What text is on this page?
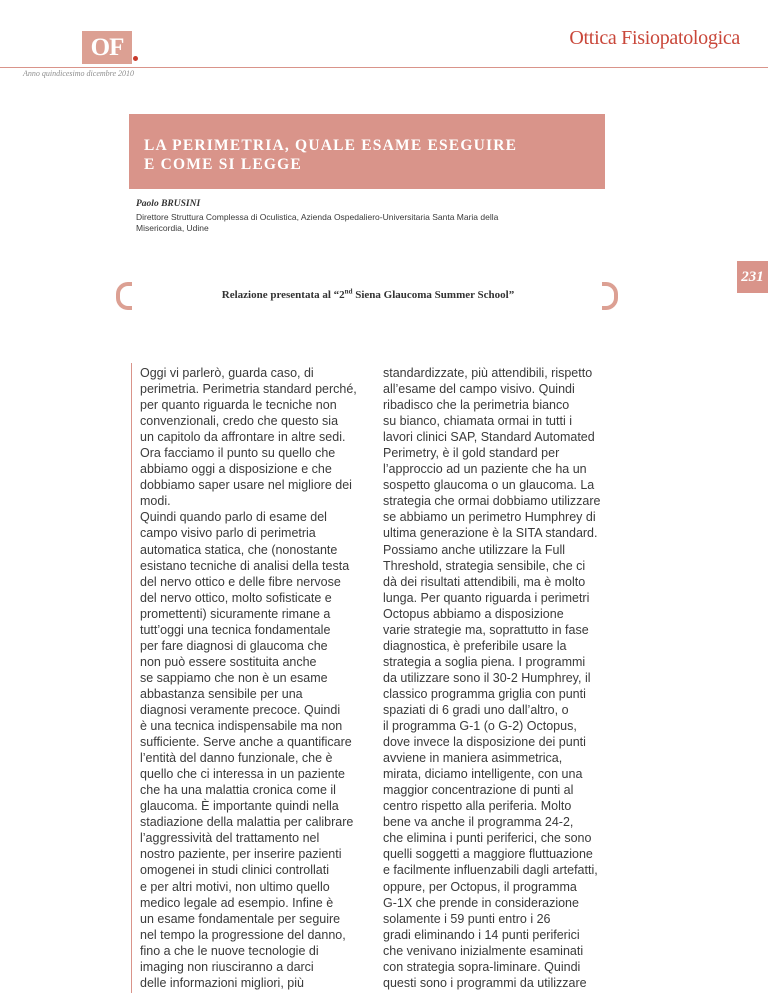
OF
Anno quindicesimo dicembre 2010
Ottica Fisiopatologica
LA PERIMETRIA, QUALE ESAME ESEGUIRE
E COME SI LEGGE
Paolo BRUSINI
Direttore Struttura Complessa di Oculistica, Azienda Ospedaliero-Universitaria Santa Maria della
Misericordia, Udine
231
Relazione presentata al “2nd Siena Glaucoma Summer School”
Oggi vi parlerò, guarda caso, di
perimetria. Perimetria standard perché,
per quanto riguarda le tecniche non
convenzionali, credo che questo sia
un capitolo da affrontare in altre sedi.
Ora facciamo il punto su quello che
abbiamo oggi a disposizione e che
dobbiamo saper usare nel migliore dei
modi.
Quindi quando parlo di esame del
campo visivo parlo di perimetria
automatica statica, che (nonostante
esistano tecniche di analisi della testa
del nervo ottico e delle fibre nervose
del nervo ottico, molto sofisticate e
promettenti) sicuramente rimane a
tutt’oggi una tecnica fondamentale
per fare diagnosi di glaucoma che
non può essere sostituita anche
se sappiamo che non è un esame
abbastanza sensibile per una
diagnosi veramente precoce. Quindi
è una tecnica indispensabile ma non
sufficiente. Serve anche a quantificare
l’entità del danno funzionale, che è
quello che ci interessa in un paziente
che ha una malattia cronica come il
glaucoma. È importante quindi nella
stadiazione della malattia per calibrare
l’aggressività del trattamento nel
nostro paziente, per inserire pazienti
omogenei in studi clinici controllati
e per altri motivi, non ultimo quello
medico legale ad esempio. Infine è
un esame fondamentale per seguire
nel tempo la progressione del danno,
fino a che le nuove tecnologie di
imaging non riusciranno a darci
delle informazioni migliori, più
standardizzate, più attendibili, rispetto
all’esame del campo visivo. Quindi
ribadisco che la perimetria bianco
su bianco, chiamata ormai in tutti i
lavori clinici SAP, Standard Automated
Perimetry, è il gold standard per
l’approccio ad un paziente che ha un
sospetto glaucoma o un glaucoma. La
strategia che ormai dobbiamo utilizzare
se abbiamo un perimetro Humphrey di
ultima generazione è la SITA standard.
Possiamo anche utilizzare la Full
Threshold, strategia sensibile, che ci
dà dei risultati attendibili, ma è molto
lunga. Per quanto riguarda i perimetri
Octopus abbiamo a disposizione
varie strategie ma, soprattutto in fase
diagnostica, è preferibile usare la
strategia a soglia piena. I programmi
da utilizzare sono il 30-2 Humphrey, il
classico programma griglia con punti
spaziati di 6 gradi uno dall’altro, o
il programma G-1 (o G-2) Octopus,
dove invece la disposizione dei punti
avviene in maniera asimmetrica,
mirata, diciamo intelligente, con una
maggior concentrazione di punti al
centro rispetto alla periferia. Molto
bene va anche il programma 24-2,
che elimina i punti periferici, che sono
quelli soggetti a maggiore fluttuazione
e facilmente influenzabili dagli artefatti,
oppure, per Octopus, il programma
G-1X che prende in considerazione
solamente i 59 punti entro i 26
gradi eliminando i 14 punti periferici
che venivano inizialmente esaminati
con strategia sopra-liminare. Quindi
questi sono i programmi da utilizzare
